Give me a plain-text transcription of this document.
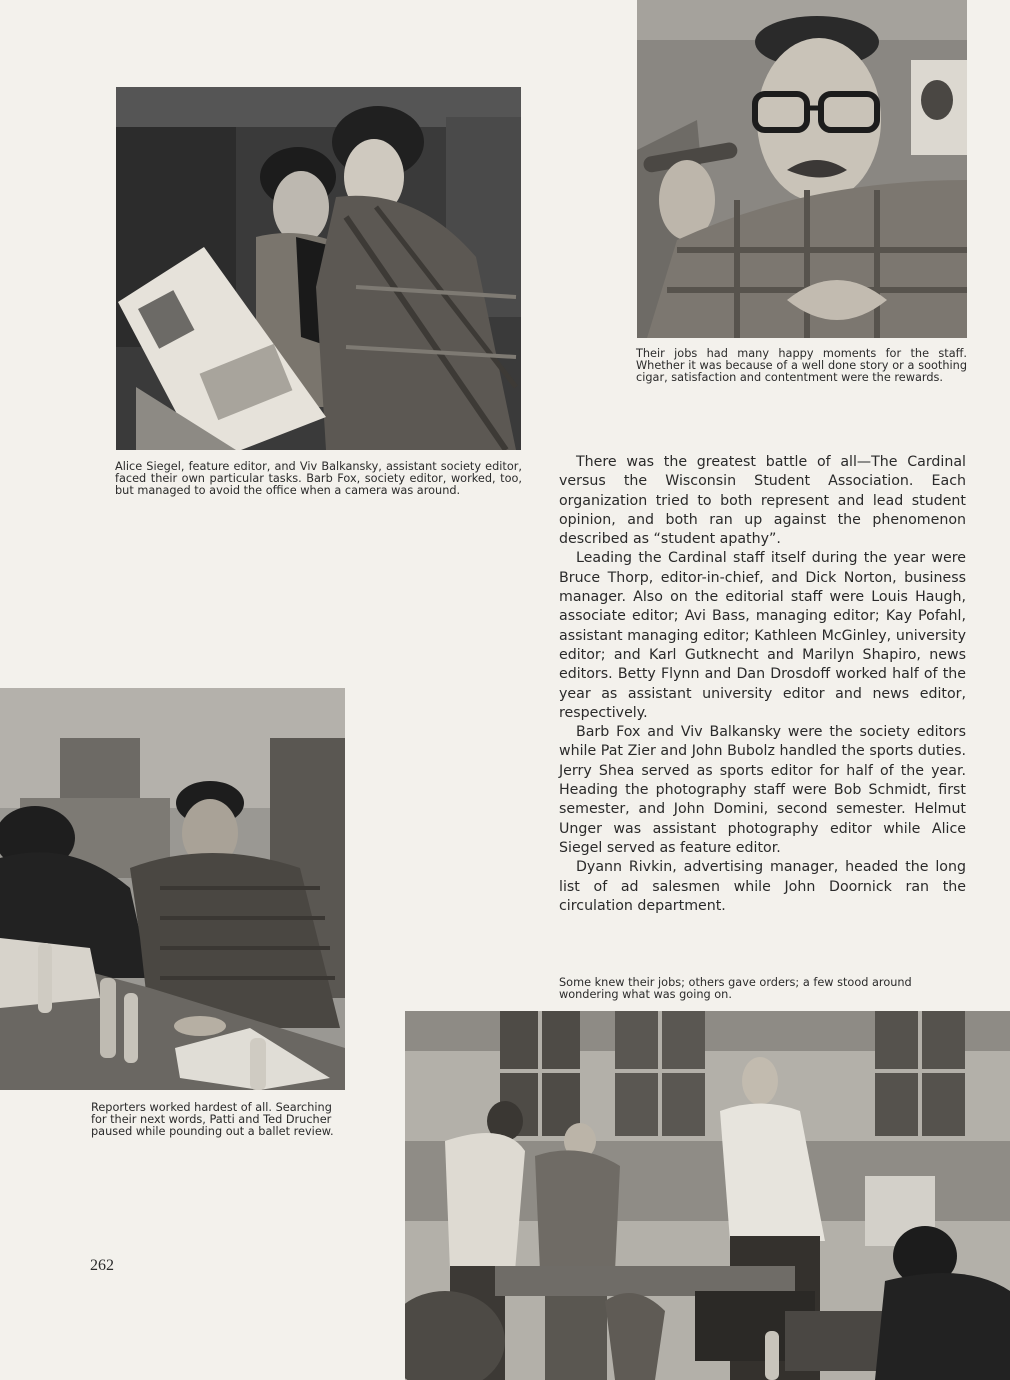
Alice Siegel, feature editor, and Viv Balkansky, assistant society editor, faced their own particular tasks. Barb Fox, society editor, worked, too, but managed to avoid the office when a camera was around.

Their jobs had many happy moments for the staff. Whether it was because of a well done story or a soothing cigar, satisfaction and contentment were the rewards.

There was the greatest battle of all—The Cardinal versus the Wisconsin Student Association. Each organization tried to both represent and lead student opinion, and both ran up against the phenomenon described as “student apathy”.

Leading the Cardinal staff itself during the year were Bruce Thorp, editor-in-chief, and Dick Norton, business manager. Also on the editorial staff were Louis Haugh, associate editor; Avi Bass, managing editor; Kay Pofahl, assistant managing editor; Kathleen McGinley, university editor; and Karl Gutknecht and Marilyn Shapiro, news editors. Betty Flynn and Dan Drosdoff worked half of the year as assistant university editor and news editor, respectively.

Barb Fox and Viv Balkansky were the society editors while Pat Zier and John Bubolz handled the sports duties. Jerry Shea served as sports editor for half of the year. Heading the photography staff were Bob Schmidt, first semester, and John Domini, second semester. Helmut Unger was assistant photography editor while Alice Siegel served as feature editor.

Dyann Rivkin, advertising manager, headed the long list of ad salesmen while John Doornick ran the circulation department.

Reporters worked hardest of all. Searching for their next words, Patti and Ted Drucher paused while pounding out a ballet review.

Some knew their jobs; others gave orders; a few stood around wondering what was going on.

262
